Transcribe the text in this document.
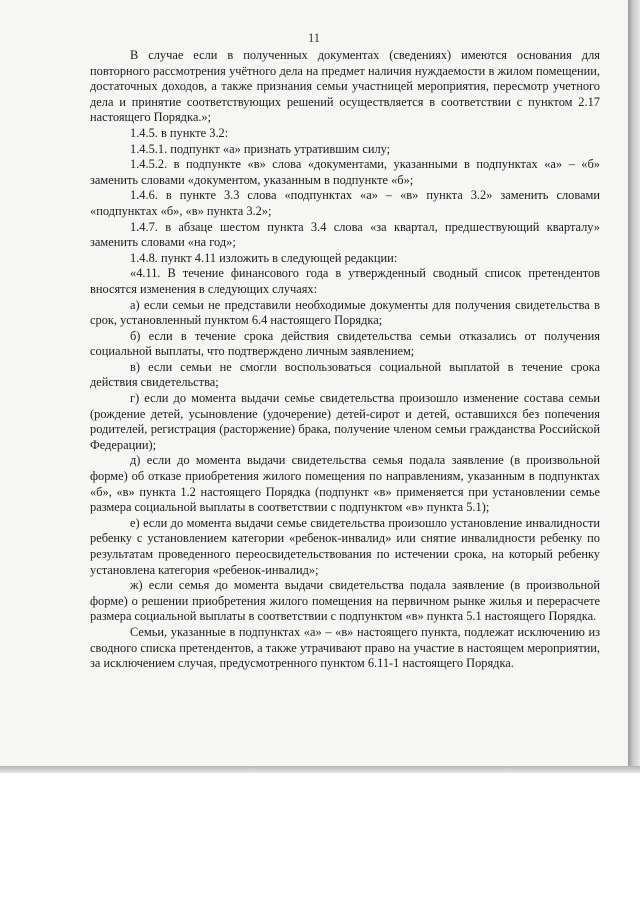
11

В случае если в полученных документах (сведениях) имеются основания для повторного рассмотрения учётного дела на предмет наличия нуждаемости в жилом помещении, достаточных доходов, а также признания семьи участницей мероприятия, пересмотр учетного дела и принятие соответствующих решений осуществляется в соответствии с пунктом 2.17 настоящего Порядка.»;

1.4.5. в пункте 3.2:

1.4.5.1. подпункт «а» признать утратившим силу;

1.4.5.2. в подпункте «в» слова «документами, указанными в подпунктах «а» – «б» заменить словами «документом, указанным в подпункте «б»;

1.4.6. в пункте 3.3 слова «подпунктах «а» – «в» пункта 3.2» заменить словами «подпунктах «б», «в» пункта 3.2»;

1.4.7. в абзаце шестом пункта 3.4 слова «за квартал, предшествующий кварталу» заменить словами «на год»;

1.4.8. пункт 4.11 изложить в следующей редакции:

«4.11. В течение финансового года в утвержденный сводный список претендентов вносятся изменения в следующих случаях:

а) если семьи не представили необходимые документы для получения свидетельства в срок, установленный пунктом 6.4 настоящего Порядка;

б) если в течение срока действия свидетельства семьи отказались от получения социальной выплаты, что подтверждено личным заявлением;

в) если семьи не смогли воспользоваться социальной выплатой в течение срока действия свидетельства;

г) если до момента выдачи семье свидетельства произошло изменение состава семьи (рождение детей, усыновление (удочерение) детей-сирот и детей, оставшихся без попечения родителей, регистрация (расторжение) брака, получение членом семьи гражданства Российской Федерации);

д) если до момента выдачи свидетельства семья подала заявление (в произвольной форме) об отказе приобретения жилого помещения по направлениям, указанным в подпунктах «б», «в» пункта 1.2 настоящего Порядка (подпункт «в» применяется при установлении семье размера социальной выплаты в соответствии с подпунктом «в» пункта 5.1);

е) если до момента выдачи семье свидетельства произошло установление инвалидности ребенку с установлением категории «ребенок-инвалид» или снятие инвалидности ребенку по результатам проведенного переосвидетельствования по истечении срока, на который ребенку установлена категория «ребенок-инвалид»;

ж) если семья до момента выдачи свидетельства подала заявление (в произвольной форме) о решении приобретения жилого помещения на первичном рынке жилья и перерасчете размера социальной выплаты в соответствии с подпунктом «в» пункта 5.1 настоящего Порядка.

Семьи, указанные в подпунктах «а» – «в» настоящего пункта, подлежат исключению из сводного списка претендентов, а также утрачивают право на участие в настоящем мероприятии, за исключением случая, предусмотренного пунктом 6.11-1 настоящего Порядка.
